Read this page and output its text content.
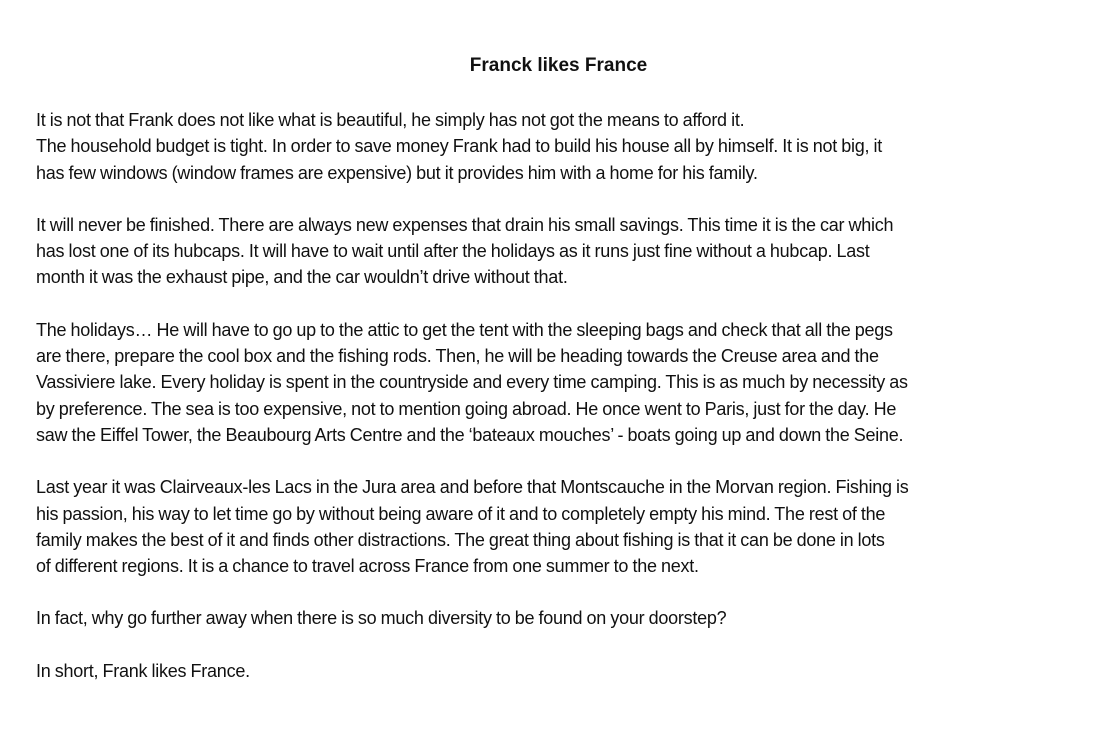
Franck likes France
It is not that Frank does not like what is beautiful, he simply has not got the means to afford it.
The household budget is tight. In order to save money Frank had to build his house all by himself. It is not big, it
has few windows (window frames are expensive) but it provides him with a home for his family.
It will never be finished. There are always new expenses that drain his small savings. This time it is the car which
has lost one of its hubcaps. It will have to wait until after the holidays as it runs just fine without a hubcap. Last
month it was the exhaust pipe, and the car wouldn’t drive without that.
The holidays… He will have to go up to the attic to get the tent with the sleeping bags and check that all the pegs
are there, prepare the cool box and the fishing rods. Then, he will be heading towards the Creuse area and the
Vassiviere lake. Every holiday is spent in the countryside and every time camping. This is as much by necessity as
by preference. The sea is too expensive, not to mention going abroad. He once went to Paris, just for the day. He
saw the Eiffel Tower, the Beaubourg Arts Centre and the ‘bateaux mouches’ - boats going up and down the Seine.
Last year it was Clairveaux-les Lacs in the Jura area and before that Montscauche in the Morvan region. Fishing is
his passion, his way to let time go by without being aware of it and to completely empty his mind. The rest of the
family makes the best of it and finds other distractions. The great thing about fishing is that it can be done in lots
of different regions. It is a chance to travel across France from one summer to the next.
In fact, why go further away when there is so much diversity to be found on your doorstep?
In short, Frank likes France.
